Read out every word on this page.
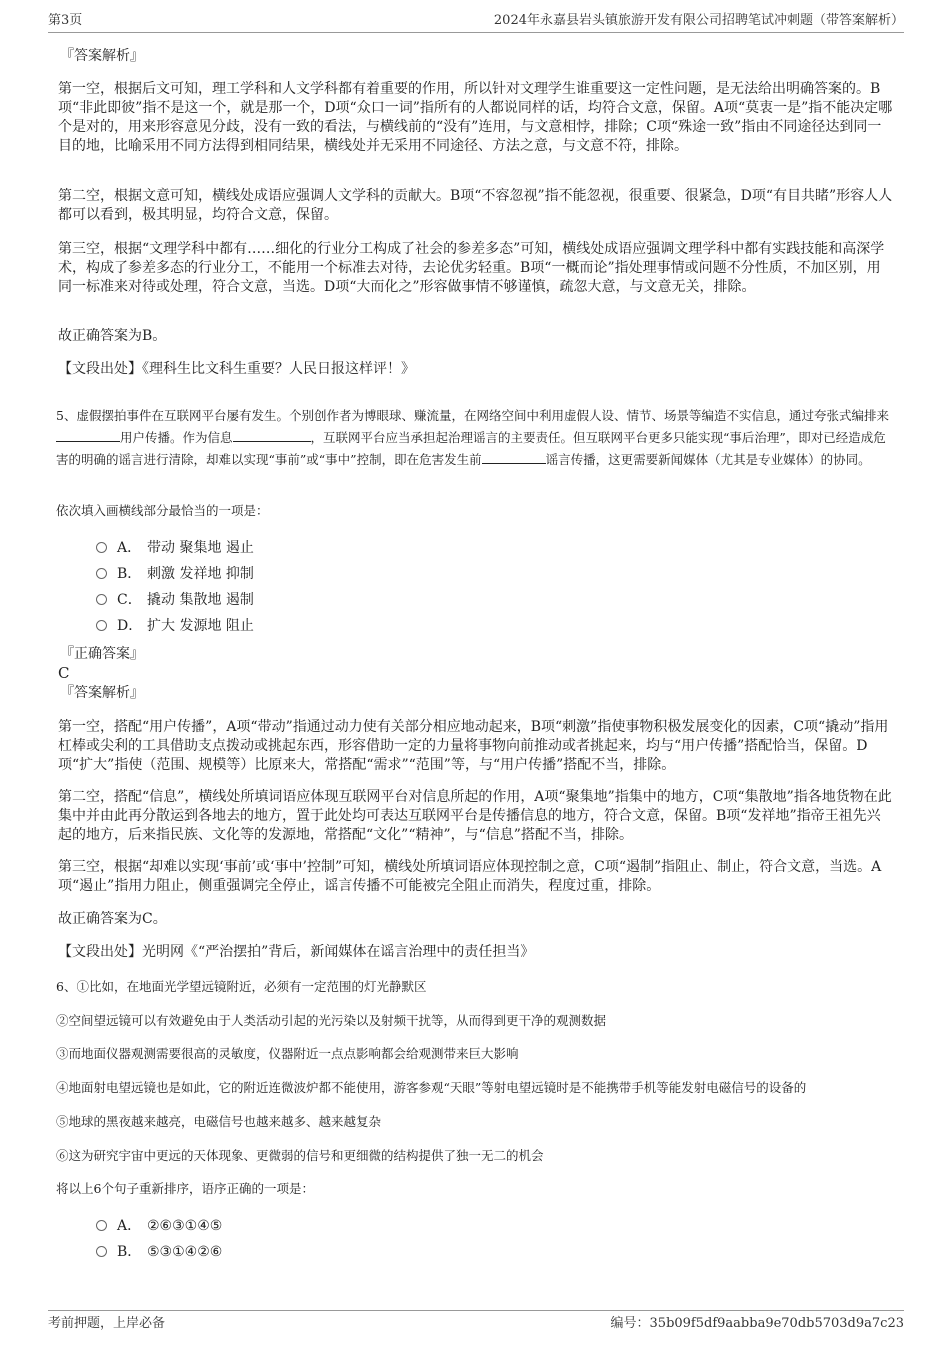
第3页	2024年永嘉县岩头镇旅游开发有限公司招聘笔试冲刺题（带答案解析）
『答案解析』

第一空，根据后文可知，理工学科和人文学科都有着重要的作用，所以针对文理学生谁重要这一定性问题，是无法给出明确答案的。B项“非此即彼”指不是这一个，就是那一个，D项“众口一词”指所有的人都说同样的话，均符合文意，保留。A项“莫衷一是”指不能决定哪个是对的，用来形容意见分歧，没有一致的看法，与横线前的“没有”连用，与文意相悖，排除；C项“殊途一致”指由不同途径达到同一目的地，比喻采用不同方法得到相同结果，横线处并无采用不同途径、方法之意，与文意不符，排除。

第二空，根据文意可知，横线处成语应强调人文学科的贡献大。B项“不容忽视”指不能忽视，很重要、很紧急，D项“有目共睹”形容人人都可以看到，极其明显，均符合文意，保留。

第三空，根据“文理学科中都有……细化的行业分工构成了社会的参差多态”可知，横线处成语应强调文理学科中都有实践技能和高深学术，构成了参差多态的行业分工，不能用一个标准去对待，去论优劣轻重。B项“一概而论”指处理事情或问题不分性质，不加区别，用同一标准来对待或处理，符合文意，当选。D项“大而化之”形容做事情不够谨慎，疏忽大意，与文意无关，排除。

故正确答案为B。

【文段出处】《理科生比文科生重要？人民日报这样评！》

5、虚假摆拍事件在互联网平台屡有发生。个别创作者为博眼球、赚流量，在网络空间中利用虚假人设、情节、场景等编造不实信息，通过夸张式编排来用户传播。作为信息	，互联网平台应当承担起治理谣言的主要责任。但互联网平台更多只能实现“事后治理”，即对已经造成危害的明确的谣言进行清除，却难以实现“事前”或“事中”控制，即在危害发生前	谣言传播，这更需要新闻媒体（尤其是专业媒体）的协同。

依次填入画横线部分最恰当的一项是：

A． 带动 聚集地 遏止
B． 刺激 发祥地 抑制
C． 撬动 集散地 遏制
D． 扩大 发源地 阻止
『正确答案』
C
『答案解析』

第一空，搭配“用户传播”，A项“带动”指通过动力使有关部分相应地动起来，B项“刺激”指使事物积极发展变化的因素，C项“撬动”指用杠棒或尖利的工具借助支点拨动或挑起东西，形容借助一定的力量将事物向前推动或者挑起来，均与“用户传播”搭配恰当，保留。D项“扩大”指使（范围、规模等）比原来大，常搭配“需求”“范围”等，与“用户传播”搭配不当，排除。

第二空，搭配“信息”，横线处所填词语应体现互联网平台对信息所起的作用，A项“聚集地”指集中的地方，C项“集散地”指各地货物在此集中并由此再分散运到各地去的地方，置于此处均可表达互联网平台是传播信息的地方，符合文意，保留。B项“发祥地”指帝王祖先兴起的地方，后来指民族、文化等的发源地，常搭配“文化”“精神”，与“信息”搭配不当，排除。

第三空，根据“却难以实现‘事前’或‘事中’控制”可知，横线处所填词语应体现控制之意，C项“遏制”指阻止、制止，符合文意，当选。A项“遏止”指用力阻止，侧重强调完全停止，谣言传播不可能被完全阻止而消失，程度过重，排除。

故正确答案为C。

【文段出处】光明网《“严治摆拍”背后，新闻媒体在谣言治理中的责任担当》

6、①比如，在地面光学望远镜附近，必须有一定范围的灯光静默区

②空间望远镜可以有效避免由于人类活动引起的光污染以及射频干扰等，从而得到更干净的观测数据

③而地面仪器观测需要很高的灵敏度，仪器附近一点点影响都会给观测带来巨大影响

④地面射电望远镜也是如此，它的附近连微波炉都不能使用，游客参观“天眼”等射电望远镜时是不能携带手机等能发射电磁信号的设备的

⑤地球的黑夜越来越亮，电磁信号也越来越多、越来越复杂

⑥这为研究宇宙中更远的天体现象、更微弱的信号和更细微的结构提供了独一无二的机会

将以上6个句子重新排序，语序正确的一项是：

A． ②⑥③①④⑤
B． ⑤③①④②⑥
考前押题，上岸必备	编号：35b09f5df9aabba9e70db5703d9a7c23
